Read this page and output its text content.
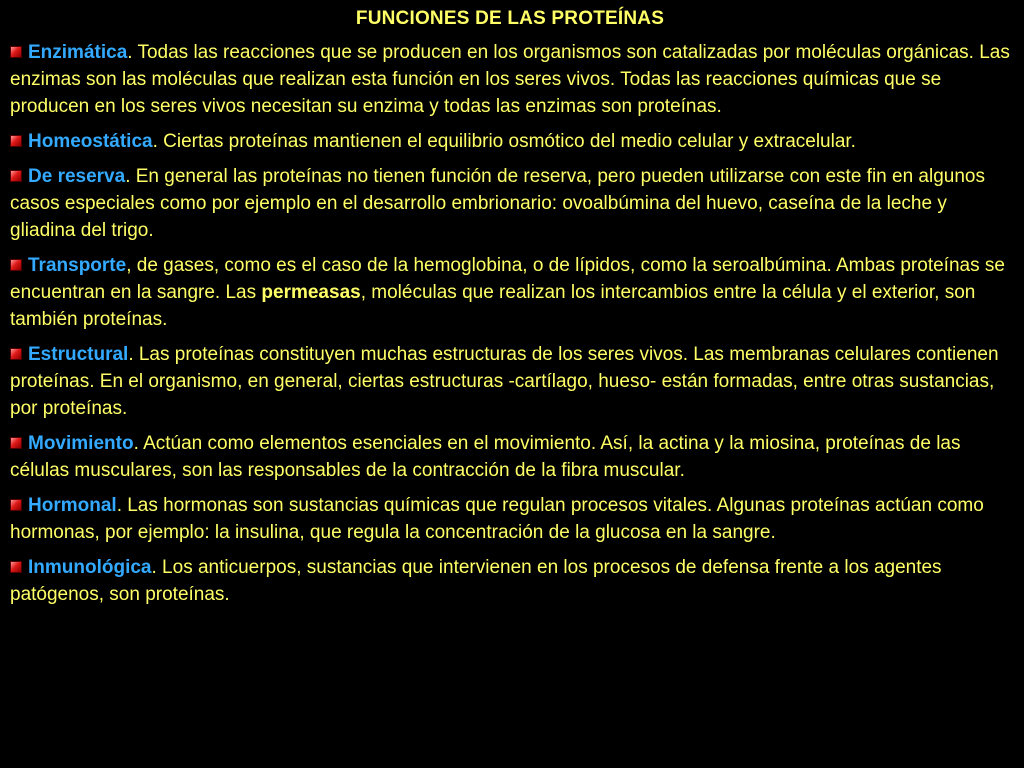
FUNCIONES DE LAS PROTEÍNAS
Enzimática. Todas las reacciones que se producen en los organismos son catalizadas por moléculas orgánicas. Las enzimas son las moléculas que realizan esta función en los seres vivos. Todas las reacciones químicas que se producen en los seres vivos necesitan su enzima y todas las enzimas son proteínas.
Homeostática. Ciertas proteínas mantienen el equilibrio osmótico del medio celular y extracelular.
De reserva. En general las proteínas no tienen función de reserva, pero pueden utilizarse con este fin en algunos casos especiales como por ejemplo en el desarrollo embrionario: ovoalbúmina del huevo, caseína de la leche y gliadina del trigo.
Transporte, de gases, como es el caso de la hemoglobina, o de lípidos, como la seroalbúmina. Ambas proteínas se encuentran en la sangre. Las permeasas, moléculas que realizan los intercambios entre la célula y el exterior, son también proteínas.
Estructural. Las proteínas constituyen muchas estructuras de los seres vivos. Las membranas celulares contienen proteínas. En el organismo, en general, ciertas estructuras -cartílago, hueso- están formadas, entre otras sustancias, por proteínas.
Movimiento. Actúan como elementos esenciales en el movimiento. Así, la actina y la miosina, proteínas de las células musculares, son las responsables de la contracción de la fibra muscular.
Hormonal. Las hormonas son sustancias químicas que regulan procesos vitales. Algunas proteínas actúan como hormonas, por ejemplo: la insulina, que regula la concentración de la glucosa en la sangre.
Inmunológica. Los anticuerpos, sustancias que intervienen en los procesos de defensa frente a los agentes patógenos, son proteínas.
